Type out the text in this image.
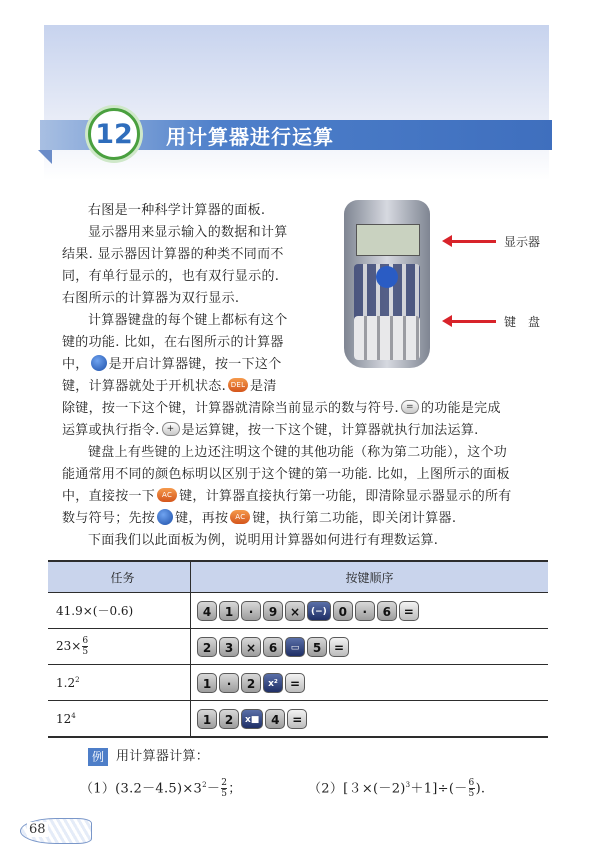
12	用计算器进行运算
右图是一种科学计算器的面板.
显示器用来显示输入的数据和计算
结果. 显示器因计算器的种类不同而不
同，有单行显示的，也有双行显示的.
右图所示的计算器为双行显示.
计算器键盘的每个键上都标有这个
键的功能. 比如，在右图所示的计算器
中， 是开启计算器键，按一下这个
键，计算器就处于开机状态. DEL 是清
除键，按一下这个键，计算器就清除当前显示的数与符号. = 的功能是完成
运算或执行指令. + 是运算键，按一下这个键，计算器就执行加法运算.
键盘上有些键的上边还注明这个键的其他功能（称为第二功能），这个功
能通常用不同的颜色标明以区别于这个键的第一功能. 比如，上图所示的面板
中，直接按一下 AC 键，计算器直接执行第一功能，即清除显示器显示的所有
数与符号；先按 键，再按 AC 键，执行第二功能，即关闭计算器.
下面我们以此面板为例，说明用计算器如何进行有理数运算.
显示器
键　盘
任务	按键顺序
41.9×(－0.6)	4 1 · 9 × (−) 0 · 6 =
$23\times \frac{6}{5}$	2 3 × 6 ▭ 5 =
$1.2^2$	1 · 2 x² =
$12^4$	1 2 x■ 4 =
例 用计算器计算：
$(1)(3.2-4.5)\times 3^2- \frac{2}{5}$ ；	$(2)[3\times(-2)^3+1]\div(- \frac{6}{5}$ ).
68
